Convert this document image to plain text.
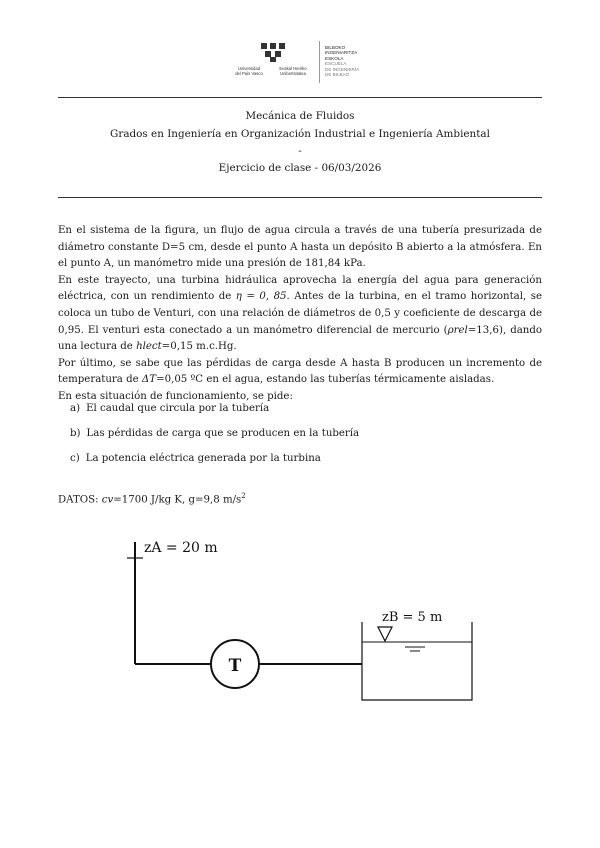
Universidad
del País Vasco
Euskal Herriko
Unibertsitatea
BILBOKO
INGENIARITZA
ESKOLA
ESCUELA
DE INGENIERÍA
DE BILBAO
Mecánica de Fluidos
Grados en Ingeniería en Organización Industrial e Ingeniería Ambiental
-
Ejercicio de clase - 06/03/2026

En el sistema de la figura, un flujo de agua circula a través de una tubería presurizada de diámetro constante D=5 cm, desde el punto A hasta un depósito B abierto a la atmósfera. En el punto A, un manómetro mide una presión de 181,84 kPa.

En este trayecto, una turbina hidráulica aprovecha la energía del agua para generación eléctrica, con un rendimiento de η = 0, 85. Antes de la turbina, en el tramo horizontal, se coloca un tubo de Venturi, con una relación de diámetros de 0,5 y coeficiente de descarga de 0,95. El venturi esta conectado a un manómetro diferencial de mercurio (ρrel=13,6), dando una lectura de hlect=0,15 m.c.Hg.

Por último, se sabe que las pérdidas de carga desde A hasta B producen un incremento de temperatura de ΔT=0,05 ºC en el agua, estando las tuberías térmicamente aisladas.

En esta situación de funcionamiento, se pide:

a) El caudal que circula por la tubería
b) Las pérdidas de carga que se producen en la tubería
c) La potencia eléctrica generada por la turbina
DATOS: cv=1700 J/kg K, g=9,8 $m/s^2$
zA = 20 m
T
zB = 5 m
